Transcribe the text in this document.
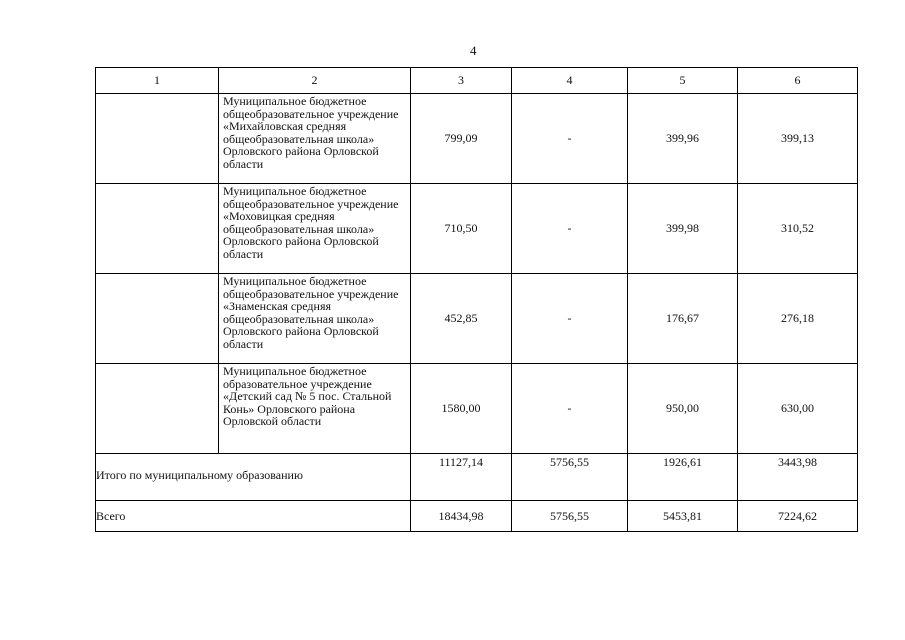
4
1	2	3	4	5	6
	Муниципальное бюджетное общеобразовательное учреждение «Михайловская средняя общеобразовательная школа» Орловского района Орловской области	799,09	-	399,96	399,13
	Муниципальное бюджетное общеобразовательное учреждение «Моховицкая средняя общеобразовательная школа» Орловского района Орловской области	710,50	-	399,98	310,52
	Муниципальное бюджетное общеобразовательное учреждение «Знаменская средняя общеобразовательная школа» Орловского района Орловской области	452,85	-	176,67	276,18
	Муниципальное бюджетное образовательное учреждение «Детский сад № 5 пос. Стальной Конь» Орловского района Орловской области	1580,00	-	950,00	630,00
Итого по муниципальному образованию		11127,14	5756,55	1926,61	3443,98
Всего		18434,98	5756,55	5453,81	7224,62
